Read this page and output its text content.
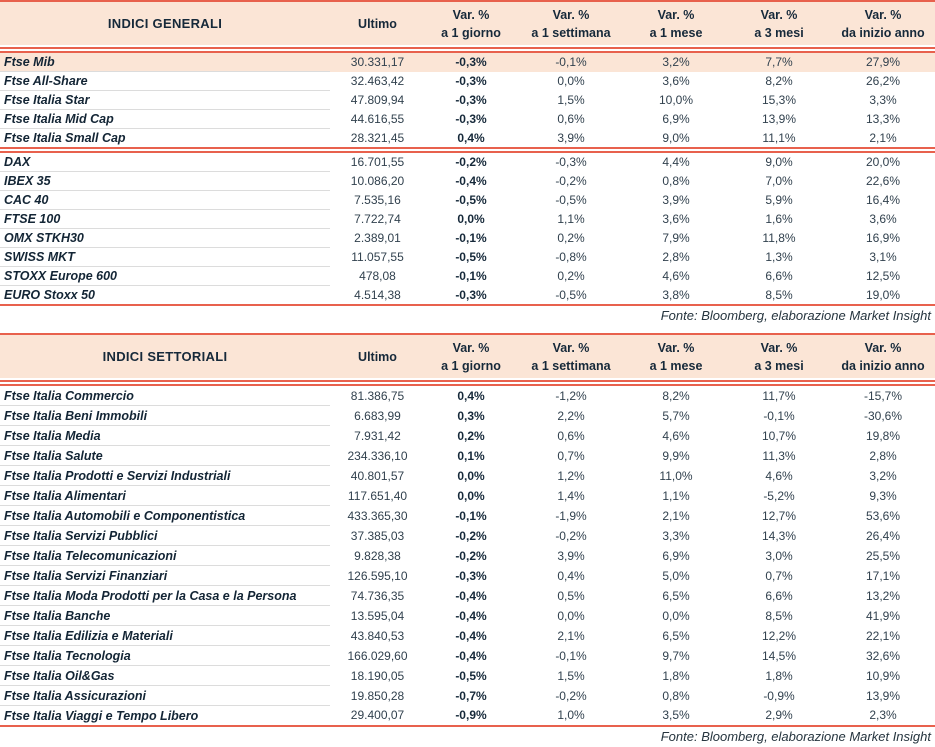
INDICI GENERALI	Ultimo	Var. %	Var. %	Var. %	Var. %	Var. %
		a 1 giorno	a 1 settimana	a 1 mese	a 3 mesi	da inizio anno

Ftse Mib	30.331,17	-0,3%	-0,1%	3,2%	7,7%	27,9%
Ftse All-Share	32.463,42	-0,3%	0,0%	3,6%	8,2%	26,2%
Ftse Italia Star	47.809,94	-0,3%	1,5%	10,0%	15,3%	3,3%
Ftse Italia Mid Cap	44.616,55	-0,3%	0,6%	6,9%	13,9%	13,3%
Ftse Italia Small Cap	28.321,45	0,4%	3,9%	9,0%	11,1%	2,1%

DAX	16.701,55	-0,2%	-0,3%	4,4%	9,0%	20,0%
IBEX 35	10.086,20	-0,4%	-0,2%	0,8%	7,0%	22,6%
CAC 40	7.535,16	-0,5%	-0,5%	3,9%	5,9%	16,4%
FTSE 100	7.722,74	0,0%	1,1%	3,6%	1,6%	3,6%
OMX STKH30	2.389,01	-0,1%	0,2%	7,9%	11,8%	16,9%
SWISS MKT	11.057,55	-0,5%	-0,8%	2,8%	1,3%	3,1%
STOXX Europe 600	478,08	-0,1%	0,2%	4,6%	6,6%	12,5%
EURO Stoxx 50	4.514,38	-0,3%	-0,5%	3,8%	8,5%	19,0%

Fonte: Bloomberg, elaborazione Market Insight
INDICI SETTORIALI	Ultimo	Var. %	Var. %	Var. %	Var. %	Var. %
		a 1 giorno	a 1 settimana	a 1 mese	a 3 mesi	da inizio anno

Ftse Italia Commercio	81.386,75	0,4%	-1,2%	8,2%	11,7%	-15,7%
Ftse Italia Beni Immobili	6.683,99	0,3%	2,2%	5,7%	-0,1%	-30,6%
Ftse Italia Media	7.931,42	0,2%	0,6%	4,6%	10,7%	19,8%
Ftse Italia Salute	234.336,10	0,1%	0,7%	9,9%	11,3%	2,8%
Ftse Italia Prodotti e Servizi Industriali	40.801,57	0,0%	1,2%	11,0%	4,6%	3,2%
Ftse Italia Alimentari	117.651,40	0,0%	1,4%	1,1%	-5,2%	9,3%
Ftse Italia Automobili e Componentistica	433.365,30	-0,1%	-1,9%	2,1%	12,7%	53,6%
Ftse Italia Servizi Pubblici	37.385,03	-0,2%	-0,2%	3,3%	14,3%	26,4%
Ftse Italia Telecomunicazioni	9.828,38	-0,2%	3,9%	6,9%	3,0%	25,5%
Ftse Italia Servizi Finanziari	126.595,10	-0,3%	0,4%	5,0%	0,7%	17,1%
Ftse Italia Moda Prodotti per la Casa e la Persona	74.736,35	-0,4%	0,5%	6,5%	6,6%	13,2%
Ftse Italia Banche	13.595,04	-0,4%	0,0%	0,0%	8,5%	41,9%
Ftse Italia Edilizia e Materiali	43.840,53	-0,4%	2,1%	6,5%	12,2%	22,1%
Ftse Italia Tecnologia	166.029,60	-0,4%	-0,1%	9,7%	14,5%	32,6%
Ftse Italia Oil&Gas	18.190,05	-0,5%	1,5%	1,8%	1,8%	10,9%
Ftse Italia Assicurazioni	19.850,28	-0,7%	-0,2%	0,8%	-0,9%	13,9%
Ftse Italia Viaggi e Tempo Libero	29.400,07	-0,9%	1,0%	3,5%	2,9%	2,3%

Fonte: Bloomberg, elaborazione Market Insight
